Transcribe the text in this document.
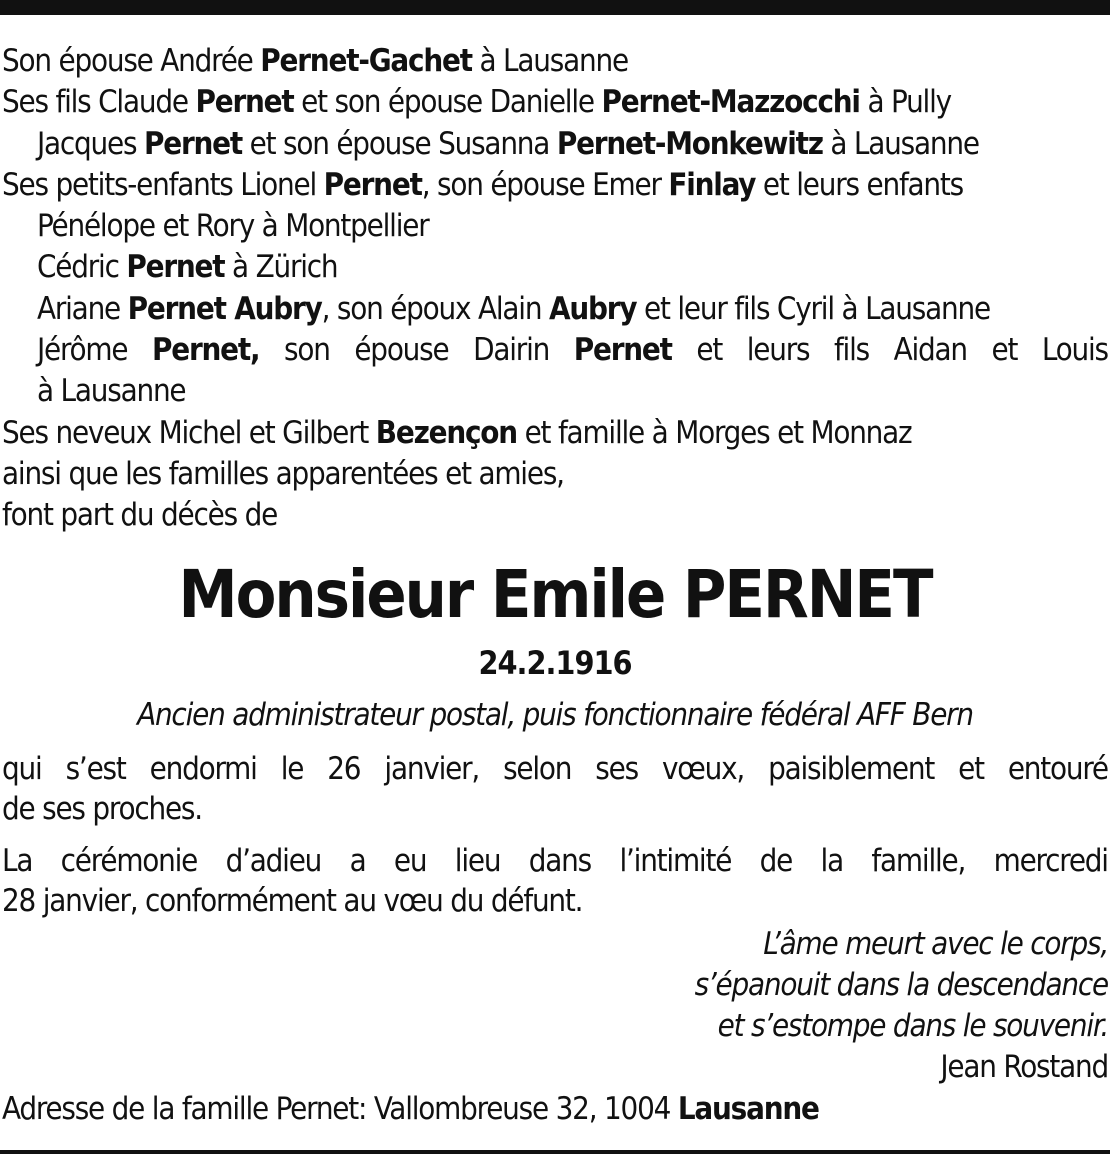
Son épouse Andrée Pernet-Gachet à Lausanne
Ses fils Claude Pernet et son épouse Danielle Pernet-Mazzocchi à Pully
Jacques Pernet et son épouse Susanna Pernet-Monkewitz à Lausanne
Ses petits-enfants Lionel Pernet, son épouse Emer Finlay et leurs enfants
Pénélope et Rory à Montpellier
Cédric Pernet à Zürich
Ariane Pernet Aubry, son époux Alain Aubry et leur fils Cyril à Lausanne
Jérôme Pernet, son épouse Dairin Pernet et leurs fils Aidan et Louis
à Lausanne
Ses neveux Michel et Gilbert Bezençon et famille à Morges et Monnaz
ainsi que les familles apparentées et amies,
font part du décès de
Monsieur Emile PERNET
24.2.1916
Ancien administrateur postal, puis fonctionnaire fédéral AFF Bern
qui s’est endormi le 26 janvier, selon ses vœux, paisiblement et entouré
de ses proches.
La cérémonie d’adieu a eu lieu dans l’intimité de la famille, mercredi
28 janvier, conformément au vœu du défunt.
L’âme meurt avec le corps,
s’épanouit dans la descendance
et s’estompe dans le souvenir.
Jean Rostand
Adresse de la famille Pernet: Vallombreuse 32, 1004 Lausanne
